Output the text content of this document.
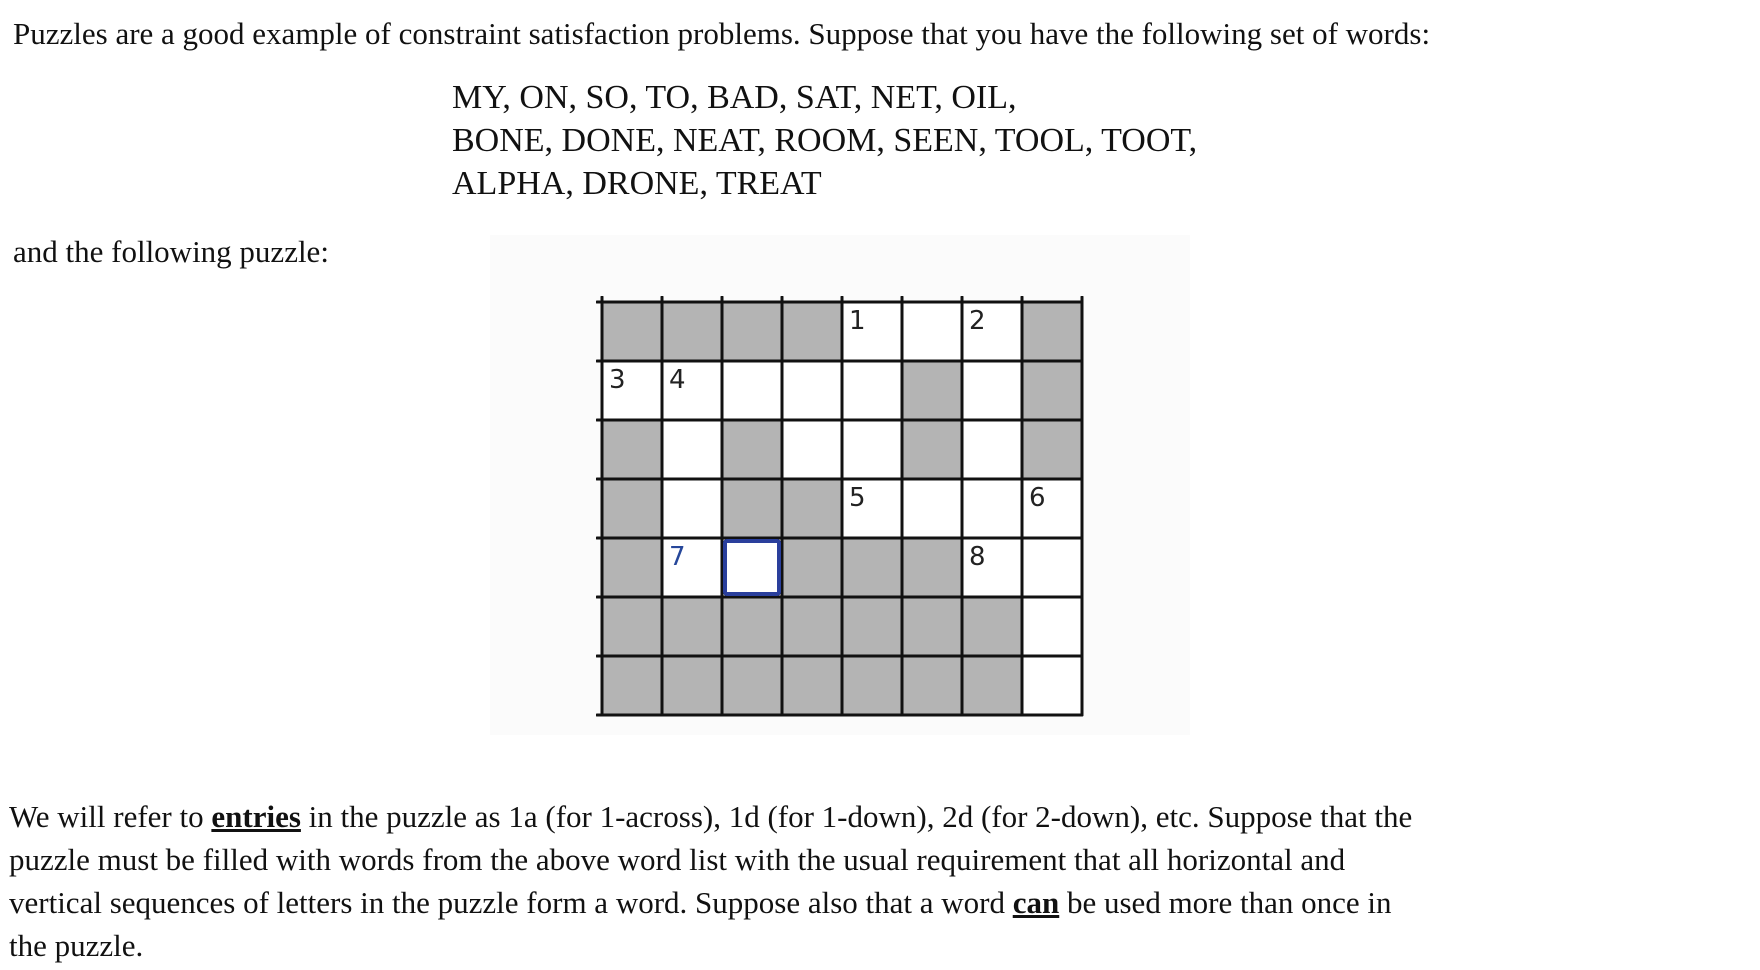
Puzzles are a good example of constraint satisfaction problems. Suppose that you have the following set of words:
MY, ON, SO, TO, BAD, SAT, NET, OIL,
BONE, DONE, NEAT, ROOM, SEEN, TOOL, TOOT,
ALPHA, DRONE, TREAT
and the following puzzle:
1	2
3 4
5	6
7	8
We will refer to entries in the puzzle as 1a (for 1-across), 1d (for 1-down), 2d (for 2-down), etc. Suppose that the
puzzle must be filled with words from the above word list with the usual requirement that all horizontal and
vertical sequences of letters in the puzzle form a word. Suppose also that a word can be used more than once in
the puzzle.
